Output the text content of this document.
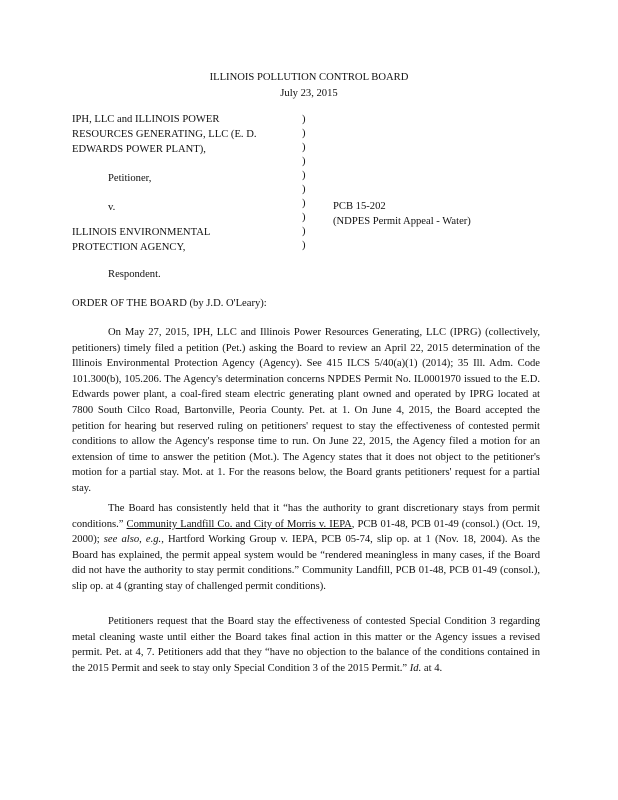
ILLINOIS POLLUTION CONTROL BOARD
July 23, 2015
IPH, LLC and ILLINOIS POWER
RESOURCES GENERATING, LLC (E. D.
EDWARDS POWER PLANT),
Petitioner,
v.
ILLINOIS ENVIRONMENTAL
PROTECTION AGENCY,
)
)
)
)
)
)
)
)
)
)
PCB 15-202
(NDPES Permit Appeal - Water)
Respondent.
ORDER OF THE BOARD (by J.D. O'Leary):

On May 27, 2015, IPH, LLC and Illinois Power Resources Generating, LLC (IPRG) (collectively, petitioners) timely filed a petition (Pet.) asking the Board to review an April 22, 2015 determination of the Illinois Environmental Protection Agency (Agency). See 415 ILCS 5/40(a)(1) (2014); 35 Ill. Adm. Code 101.300(b), 105.206. The Agency's determination concerns NPDES Permit No. IL0001970 issued to the E.D. Edwards power plant, a coal-fired steam electric generating plant owned and operated by IPRG located at 7800 South Cilco Road, Bartonville, Peoria County. Pet. at 1. On June 4, 2015, the Board accepted the petition for hearing but reserved ruling on petitioners' request to stay the effectiveness of contested permit conditions to allow the Agency's response time to run. On June 22, 2015, the Agency filed a motion for an extension of time to answer the petition (Mot.). The Agency states that it does not object to the petitioner's motion for a partial stay. Mot. at 1. For the reasons below, the Board grants petitioners' request for a partial stay.

The Board has consistently held that it “has the authority to grant discretionary stays from permit conditions.” Community Landfill Co. and City of Morris v. IEPA, PCB 01-48, PCB 01-49 (consol.) (Oct. 19, 2000); see also, e.g., Hartford Working Group v. IEPA, PCB 05-74, slip op. at 1 (Nov. 18, 2004). As the Board has explained, the permit appeal system would be “rendered meaningless in many cases, if the Board did not have the authority to stay permit conditions.” Community Landfill, PCB 01-48, PCB 01-49 (consol.), slip op. at 4 (granting stay of challenged permit conditions).

Petitioners request that the Board stay the effectiveness of contested Special Condition 3 regarding metal cleaning waste until either the Board takes final action in this matter or the Agency issues a revised permit. Pet. at 4, 7. Petitioners add that they “have no objection to the balance of the conditions contained in the 2015 Permit and seek to stay only Special Condition 3 of the 2015 Permit.” Id. at 4.
